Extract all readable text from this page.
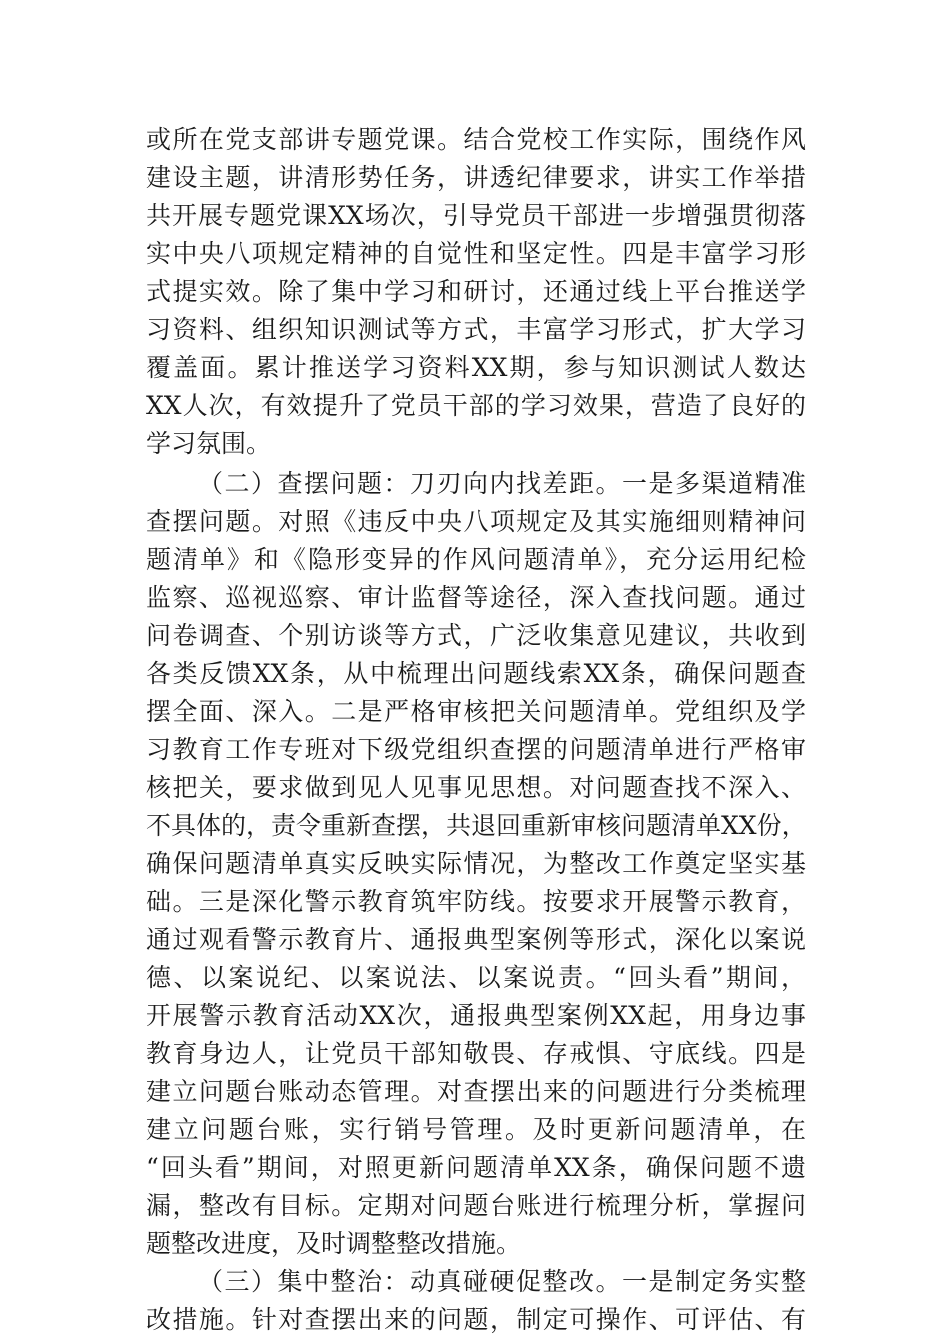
或所在党支部讲专题党课。结合党校工作实际，围绕作风
建设主题，讲清形势任务，讲透纪律要求，讲实工作举措
共开展专题党课XX场次，引导党员干部进一步增强贯彻落
实中央八项规定精神的自觉性和坚定性。四是丰富学习形
式提实效。除了集中学习和研讨，还通过线上平台推送学
习资料、组织知识测试等方式，丰富学习形式，扩大学习
覆盖面。累计推送学习资料XX期，参与知识测试人数达
XX人次，有效提升了党员干部的学习效果，营造了良好的
学习氛围。
（二）查摆问题：刀刃向内找差距。一是多渠道精准
查摆问题。对照《违反中央八项规定及其实施细则精神问
题清单》和《隐形变异的作风问题清单》，充分运用纪检
监察、巡视巡察、审计监督等途径，深入查找问题。通过
问卷调查、个别访谈等方式，广泛收集意见建议，共收到
各类反馈XX条，从中梳理出问题线索XX条，确保问题查
摆全面、深入。二是严格审核把关问题清单。党组织及学
习教育工作专班对下级党组织查摆的问题清单进行严格审
核把关，要求做到见人见事见思想。对问题查找不深入、
不具体的，责令重新查摆，共退回重新审核问题清单XX份，
确保问题清单真实反映实际情况，为整改工作奠定坚实基
础。三是深化警示教育筑牢防线。按要求开展警示教育，
通过观看警示教育片、通报典型案例等形式，深化以案说
德、以案说纪、以案说法、以案说责。“回头看”期间，
开展警示教育活动XX次，通报典型案例XX起，用身边事
教育身边人，让党员干部知敬畏、存戒惧、守底线。四是
建立问题台账动态管理。对查摆出来的问题进行分类梳理
建立问题台账，实行销号管理。及时更新问题清单，在
“回头看”期间，对照更新问题清单XX条，确保问题不遗
漏，整改有目标。定期对问题台账进行梳理分析，掌握问
题整改进度，及时调整整改措施。
（三）集中整治：动真碰硬促整改。一是制定务实整
改措施。针对查摆出来的问题，制定可操作、可评估、有
